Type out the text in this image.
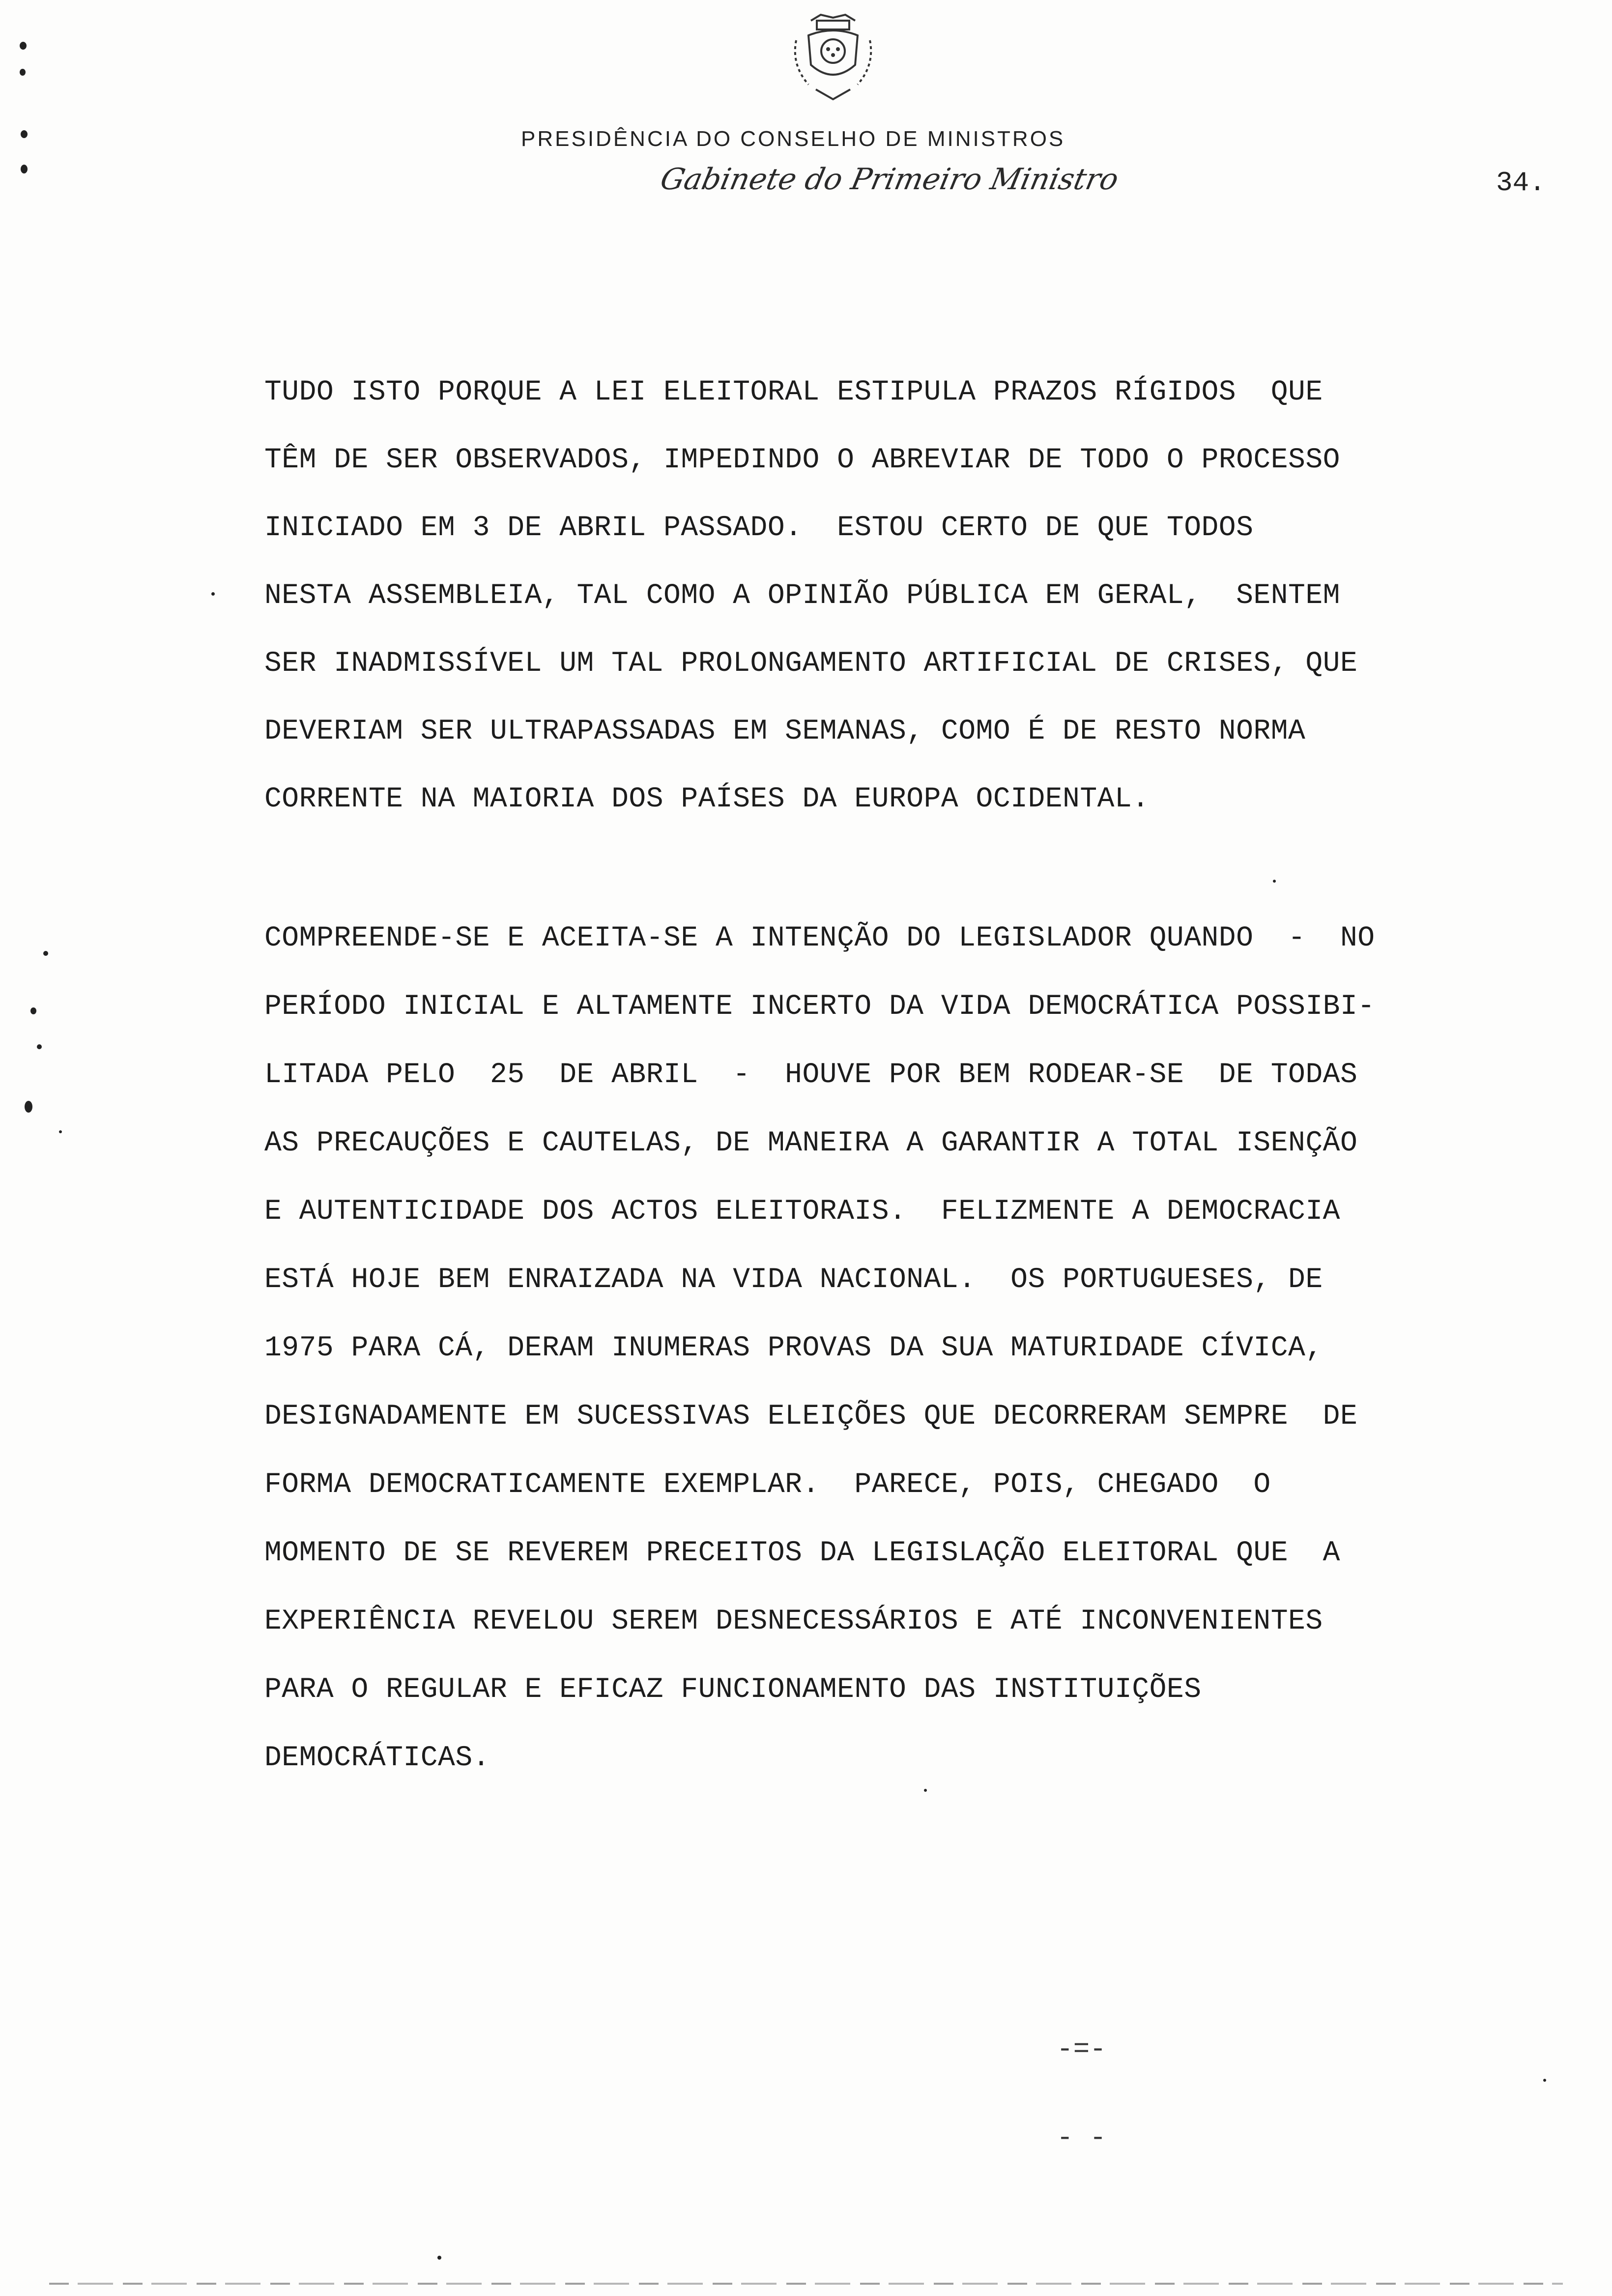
PRESIDÊNCIA DO CONSELHO DE MINISTROS
Gabinete do Primeiro Ministro	34.
TUDO ISTO PORQUE A LEI ELEITORAL ESTIPULA PRAZOS RÍGIDOS  QUE
TÊM DE SER OBSERVADOS, IMPEDINDO O ABREVIAR DE TODO O PROCESSO
INICIADO EM 3 DE ABRIL PASSADO.  ESTOU CERTO DE QUE TODOS
NESTA ASSEMBLEIA, TAL COMO A OPINIÃO PÚBLICA EM GERAL,  SENTEM
SER INADMISSÍVEL UM TAL PROLONGAMENTO ARTIFICIAL DE CRISES, QUE
DEVERIAM SER ULTRAPASSADAS EM SEMANAS, COMO É DE RESTO NORMA
CORRENTE NA MAIORIA DOS PAÍSES DA EUROPA OCIDENTAL.
COMPREENDE-SE E ACEITA-SE A INTENÇÃO DO LEGISLADOR QUANDO  -  NO
PERÍODO INICIAL E ALTAMENTE INCERTO DA VIDA DEMOCRÁTICA POSSIBI-
LITADA PELO  25  DE ABRIL  -  HOUVE POR BEM RODEAR-SE  DE TODAS
AS PRECAUÇÕES E CAUTELAS, DE MANEIRA A GARANTIR A TOTAL ISENÇÃO
E AUTENTICIDADE DOS ACTOS ELEITORAIS.  FELIZMENTE A DEMOCRACIA
ESTÁ HOJE BEM ENRAIZADA NA VIDA NACIONAL.  OS PORTUGUESES, DE
1975 PARA CÁ, DERAM INUMERAS PROVAS DA SUA MATURIDADE CÍVICA,
DESIGNADAMENTE EM SUCESSIVAS ELEIÇÕES QUE DECORRERAM SEMPRE  DE
FORMA DEMOCRATICAMENTE EXEMPLAR.  PARECE, POIS, CHEGADO  O
MOMENTO DE SE REVEREM PRECEITOS DA LEGISLAÇÃO ELEITORAL QUE  A
EXPERIÊNCIA REVELOU SEREM DESNECESSÁRIOS E ATÉ INCONVENIENTES
PARA O REGULAR E EFICAZ FUNCIONAMENTO DAS INSTITUIÇÕES
DEMOCRÁTICAS.
-=-
- -
